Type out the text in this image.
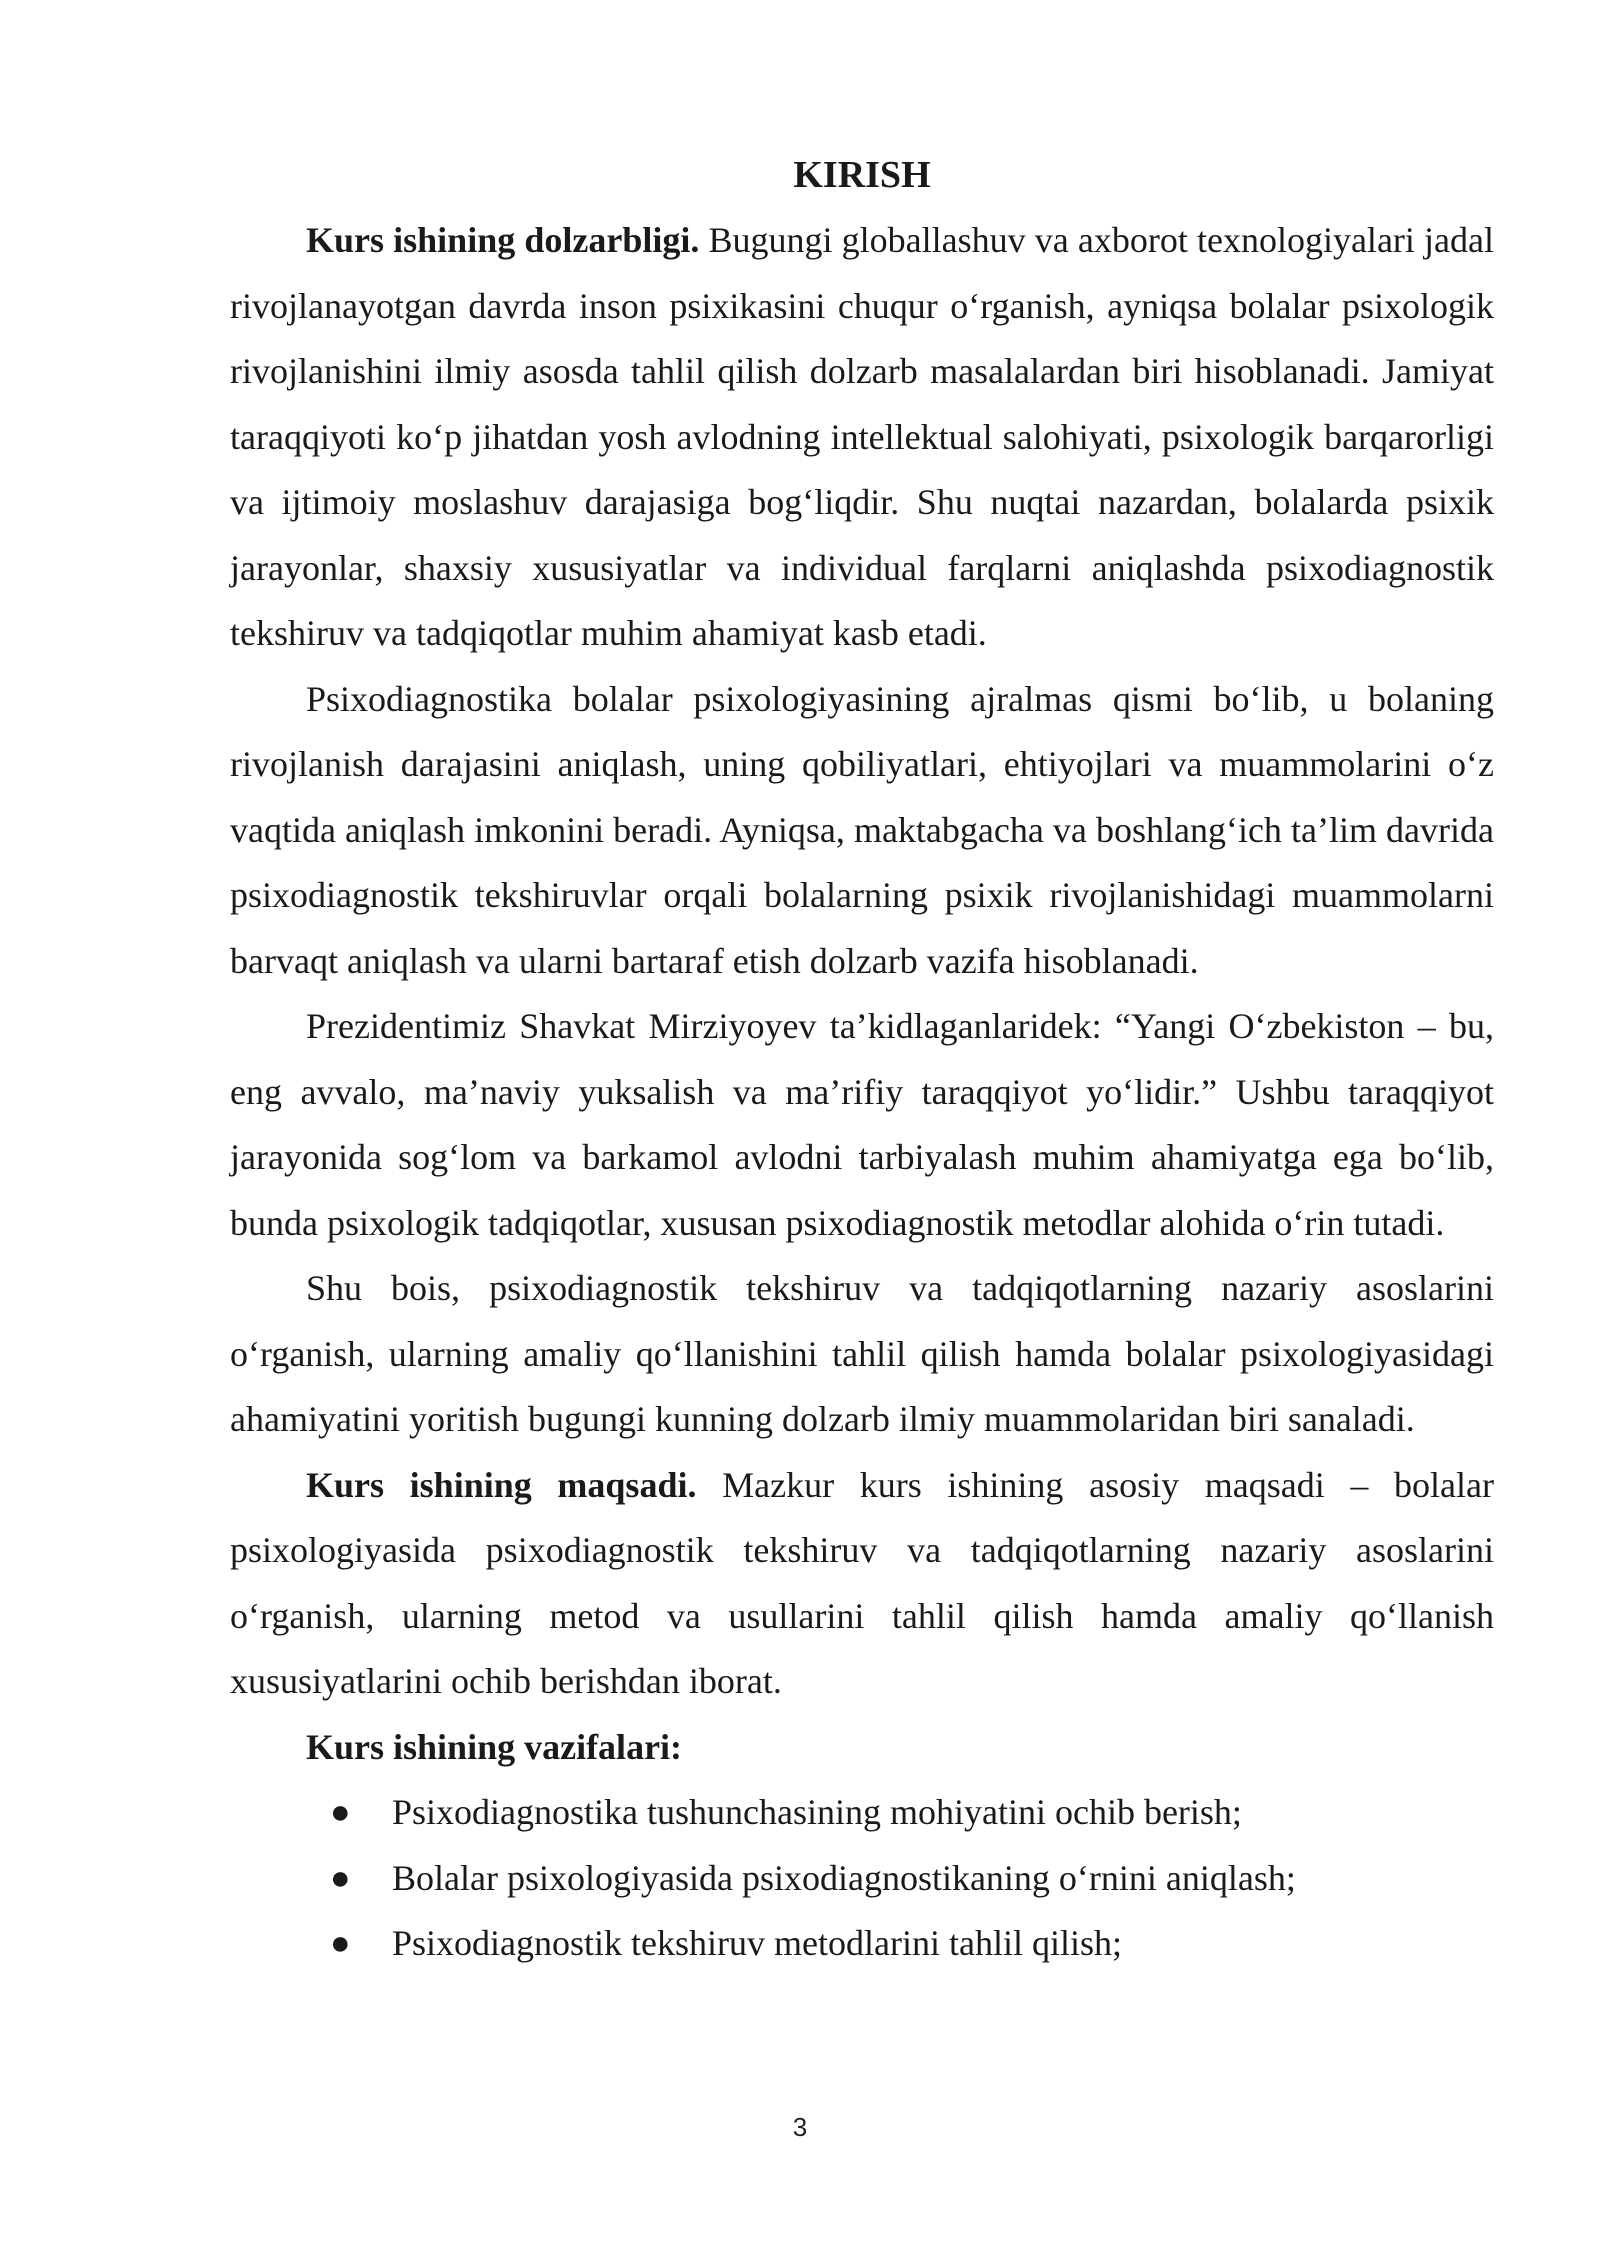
KIRISH

Kurs ishining dolzarbligi. Bugungi globallashuv va axborot texnologiyalari jadal rivojlanayotgan davrda inson psixikasini chuqur o‘rganish, ayniqsa bolalar psixologik rivojlanishini ilmiy asosda tahlil qilish dolzarb masalalardan biri hisoblanadi. Jamiyat taraqqiyoti ko‘p jihatdan yosh avlodning intellektual salohiyati, psixologik barqarorligi va ijtimoiy moslashuv darajasiga bog‘liqdir. Shu nuqtai nazardan, bolalarda psixik jarayonlar, shaxsiy xususiyatlar va individual farqlarni aniqlashda psixodiagnostik tekshiruv va tadqiqotlar muhim ahamiyat kasb etadi.

Psixodiagnostika bolalar psixologiyasining ajralmas qismi bo‘lib, u bolaning rivojlanish darajasini aniqlash, uning qobiliyatlari, ehtiyojlari va muammolarini o‘z vaqtida aniqlash imkonini beradi. Ayniqsa, maktabgacha va boshlang‘ich ta’lim davrida psixodiagnostik tekshiruvlar orqali bolalarning psixik rivojlanishidagi muammolarni barvaqt aniqlash va ularni bartaraf etish dolzarb vazifa hisoblanadi.

Prezidentimiz Shavkat Mirziyoyev ta’kidlaganlaridek: “Yangi O‘zbekiston – bu, eng avvalo, ma’naviy yuksalish va ma’rifiy taraqqiyot yo‘lidir.” Ushbu taraqqiyot jarayonida sog‘lom va barkamol avlodni tarbiyalash muhim ahamiyatga ega bo‘lib, bunda psixologik tadqiqotlar, xususan psixodiagnostik metodlar alohida o‘rin tutadi.

Shu bois, psixodiagnostik tekshiruv va tadqiqotlarning nazariy asoslarini o‘rganish, ularning amaliy qo‘llanishini tahlil qilish hamda bolalar psixologiyasidagi ahamiyatini yoritish bugungi kunning dolzarb ilmiy muammolaridan biri sanaladi.

Kurs ishining maqsadi. Mazkur kurs ishining asosiy maqsadi – bolalar psixologiyasida psixodiagnostik tekshiruv va tadqiqotlarning nazariy asoslarini o‘rganish, ularning metod va usullarini tahlil qilish hamda amaliy qo‘llanish xususiyatlarini ochib berishdan iborat.

Kurs ishining vazifalari:

● Psixodiagnostika tushunchasining mohiyatini ochib berish;
● Bolalar psixologiyasida psixodiagnostikaning o‘rnini aniqlash;
● Psixodiagnostik tekshiruv metodlarini tahlil qilish;
3
